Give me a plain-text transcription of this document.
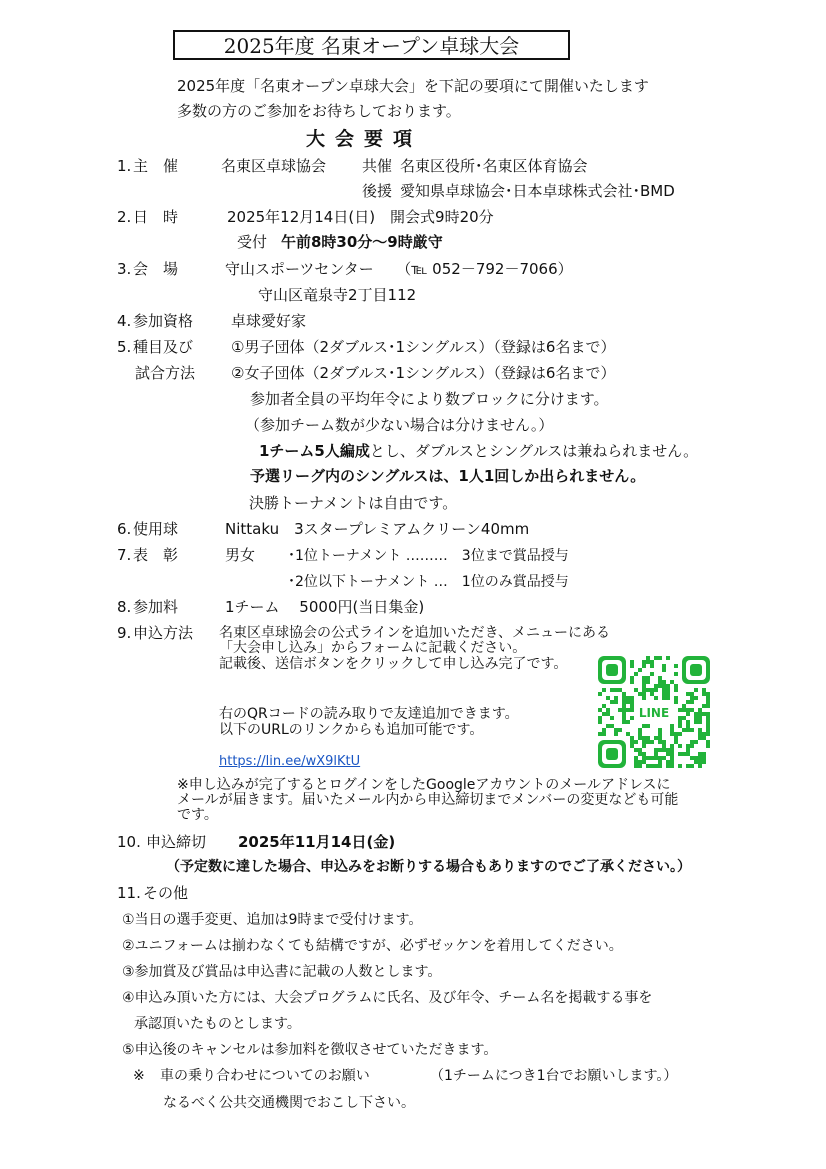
2025年度 名東オープン卓球大会
2025年度「名東オープン卓球大会」を下記の要項にて開催いたします
多数の方のご参加をお待ちしております。
大会要項
1. 主　催	名東区卓球協会 共催 名東区役所･名東区体育協会
後援 愛知県卓球協会･日本卓球株式会社･BMD
2. 日　時	2025年12月14日(日)　開会式9時20分
受付 午前8時30分～9時厳守
3. 会　場	守山スポーツセンター　　（℡ 052－792－7066）
守山区竜泉寺2丁目112
4. 参加資格	卓球愛好家
5. 種目及び
試合方法
①男子団体（2ダブルス･1シングルス）（登録は6名まで）
②女子団体（2ダブルス･1シングルス）（登録は6名まで）
参加者全員の平均年令により数ブロックに分けます。
（参加チーム数が少ない場合は分けません。）
1チーム5人編成とし、ダブルスとシングルスは兼ねられません。
予選リーグ内のシングルスは、1人1回しか出られません。
決勝トーナメントは自由です。
6. 使用球	Nittaku　3スタープレミアムクリーン40mm
7. 表　彰	男女 ･1位トーナメント ………　3位まで賞品授与
･2位以下トーナメント …　1位のみ賞品授与
8. 参加料	1チーム　 5000円(当日集金)
9. 申込方法 名東区卓球協会の公式ラインを追加いただき、メニューにある
「大会申し込み」からフォームに記載ください。
記載後、送信ボタンをクリックして申し込み完了です。
右のQRコードの読み取りで友達追加できます。
以下のURLのリンクからも追加可能です。
https://lin.ee/wX9lKtU
LINE
※申し込みが完了するとログインをしたGoogleアカウントのメールアドレスに
メールが届きます。届いたメール内から申込締切までメンバーの変更なども可能
です。
10. 申込締切 2025年11月14日(金)
（予定数に達した場合、申込みをお断りする場合もありますのでご了承ください。）
11. その他
①当日の選手変更、追加は9時まで受付けます。
②ユニフォームは揃わなくても結構ですが、必ずゼッケンを着用してください。
③参加賞及び賞品は申込書に記載の人数とします。
④申込み頂いた方には、大会プログラムに氏名、及び年令、チーム名を掲載する事を
承認頂いたものとします。
⑤申込後のキャンセルは参加料を徴収させていただきます。
※ 車の乗り合わせについてのお願い	（1チームにつき1台でお願いします。）
なるべく公共交通機関でおこし下さい。
